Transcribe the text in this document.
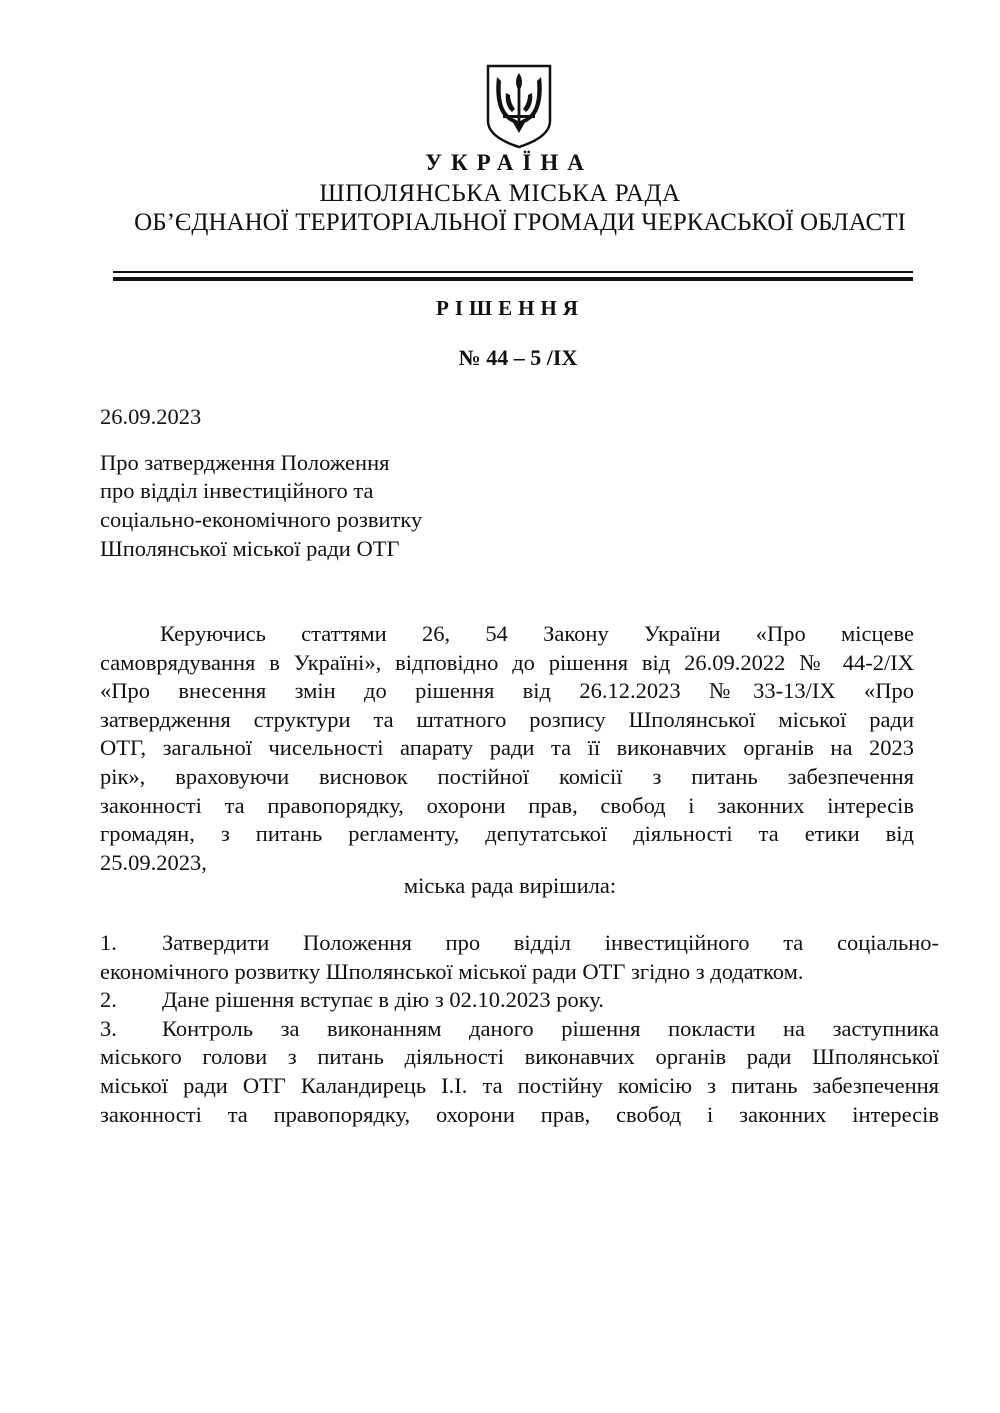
УКРАЇНА
ШПОЛЯНСЬКА МІСЬКА РАДА
ОБ’ЄДНАНОЇ ТЕРИТОРІАЛЬНОЇ ГРОМАДИ ЧЕРКАСЬКОЇ ОБЛАСТІ
РІШЕННЯ
№ 44 – 5 /IX
26.09.2023
Про затвердження Положення
про відділ інвестиційного та
соціально-економічного розвитку
Шполянської міської ради ОТГ
Керуючись статтями 26, 54 Закону України «Про місцеве
самоврядування в Україні», відповідно до рішення від 26.09.2022 № 44-2/IX
«Про внесення змін до рішення від 26.12.2023 №33-13/IX «Про
затвердження структури та штатного розпису Шполянської міської ради
ОТГ, загальної чисельності апарату ради та її виконавчих органів на 2023
рік», враховуючи висновок постійної комісії з питань забезпечення
законності та правопорядку, охорони прав, свобод і законних інтересів
громадян, з питань регламенту, депутатської діяльності та етики від
25.09.2023,
міська рада вирішила:
1.	Затвердити Положення про відділ інвестиційного та соціально-
економічного розвитку Шполянської міської ради ОТГ згідно з додатком.
2. Дане рішення вступає в дію з 02.10.2023 року.
3.	Контроль за виконанням даного рішення покласти на заступника
міського голови з питань діяльності виконавчих органів ради Шполянської
міської ради ОТГ Каландирець І.І. та постійну комісію з питань забезпечення
законності та правопорядку, охорони прав, свобод і законних інтересів
